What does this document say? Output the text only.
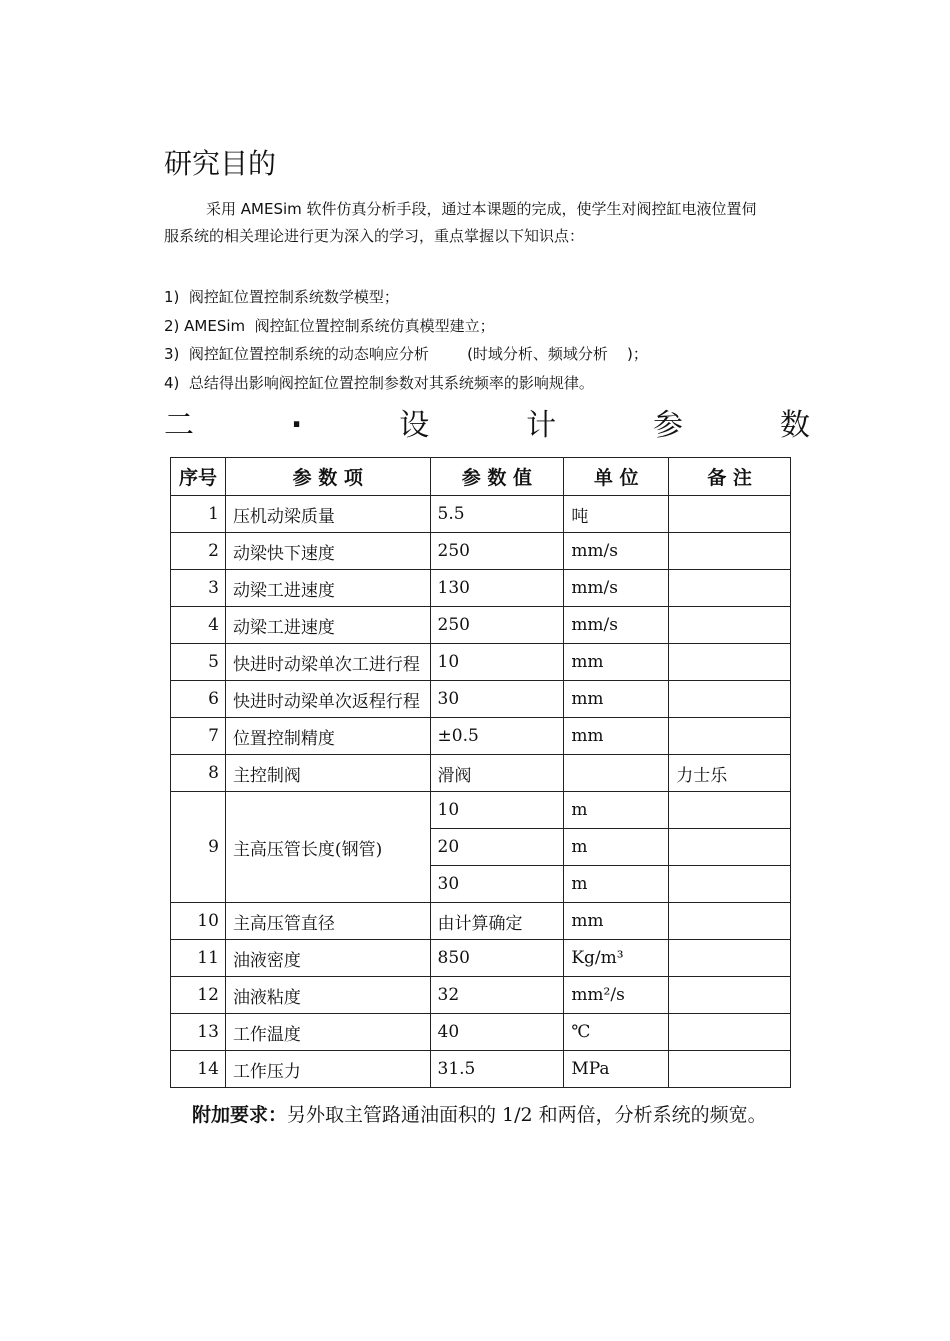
研究目的
采用 AMESim 软件仿真分析手段，通过本课题的完成，使学生对阀控缸电液位置伺服系统的相关理论进行更为深入的学习，重点掌握以下知识点：
1)  阀控缸位置控制系统数学模型；
2) AMESim  阀控缸位置控制系统仿真模型建立；
3)  阀控缸位置控制系统的动态响应分析        (时域分析、频域分析    )；
4)  总结得出影响阀控缸位置控制参数对其系统频率的影响规律。
二	.	设	计	参	数
序号	参 数 项	参 数 值	单 位	备 注
1	压机动梁质量	5.5	吨	
2	动梁快下速度	250	mm/s	
3	动梁工进速度	130	mm/s	
4	动梁工进速度	250	mm/s	
5	快进时动梁单次工进行程	10	mm	
6	快进时动梁单次返程行程	30	mm	
7	位置控制精度	±0.5	mm	
8	主控制阀	滑阀		力士乐
9	主高压管长度(钢管)	10	m	
		20	m	
		30	m	
10	主高压管直径	由计算确定	mm	
11	油液密度	850	Kg/m³	
12	油液粘度	32	mm²/s	
13	工作温度	40	℃	
14	工作压力	31.5	MPa	
附加要求：另外取主管路通油面积的 1/2 和两倍，分析系统的频宽。
